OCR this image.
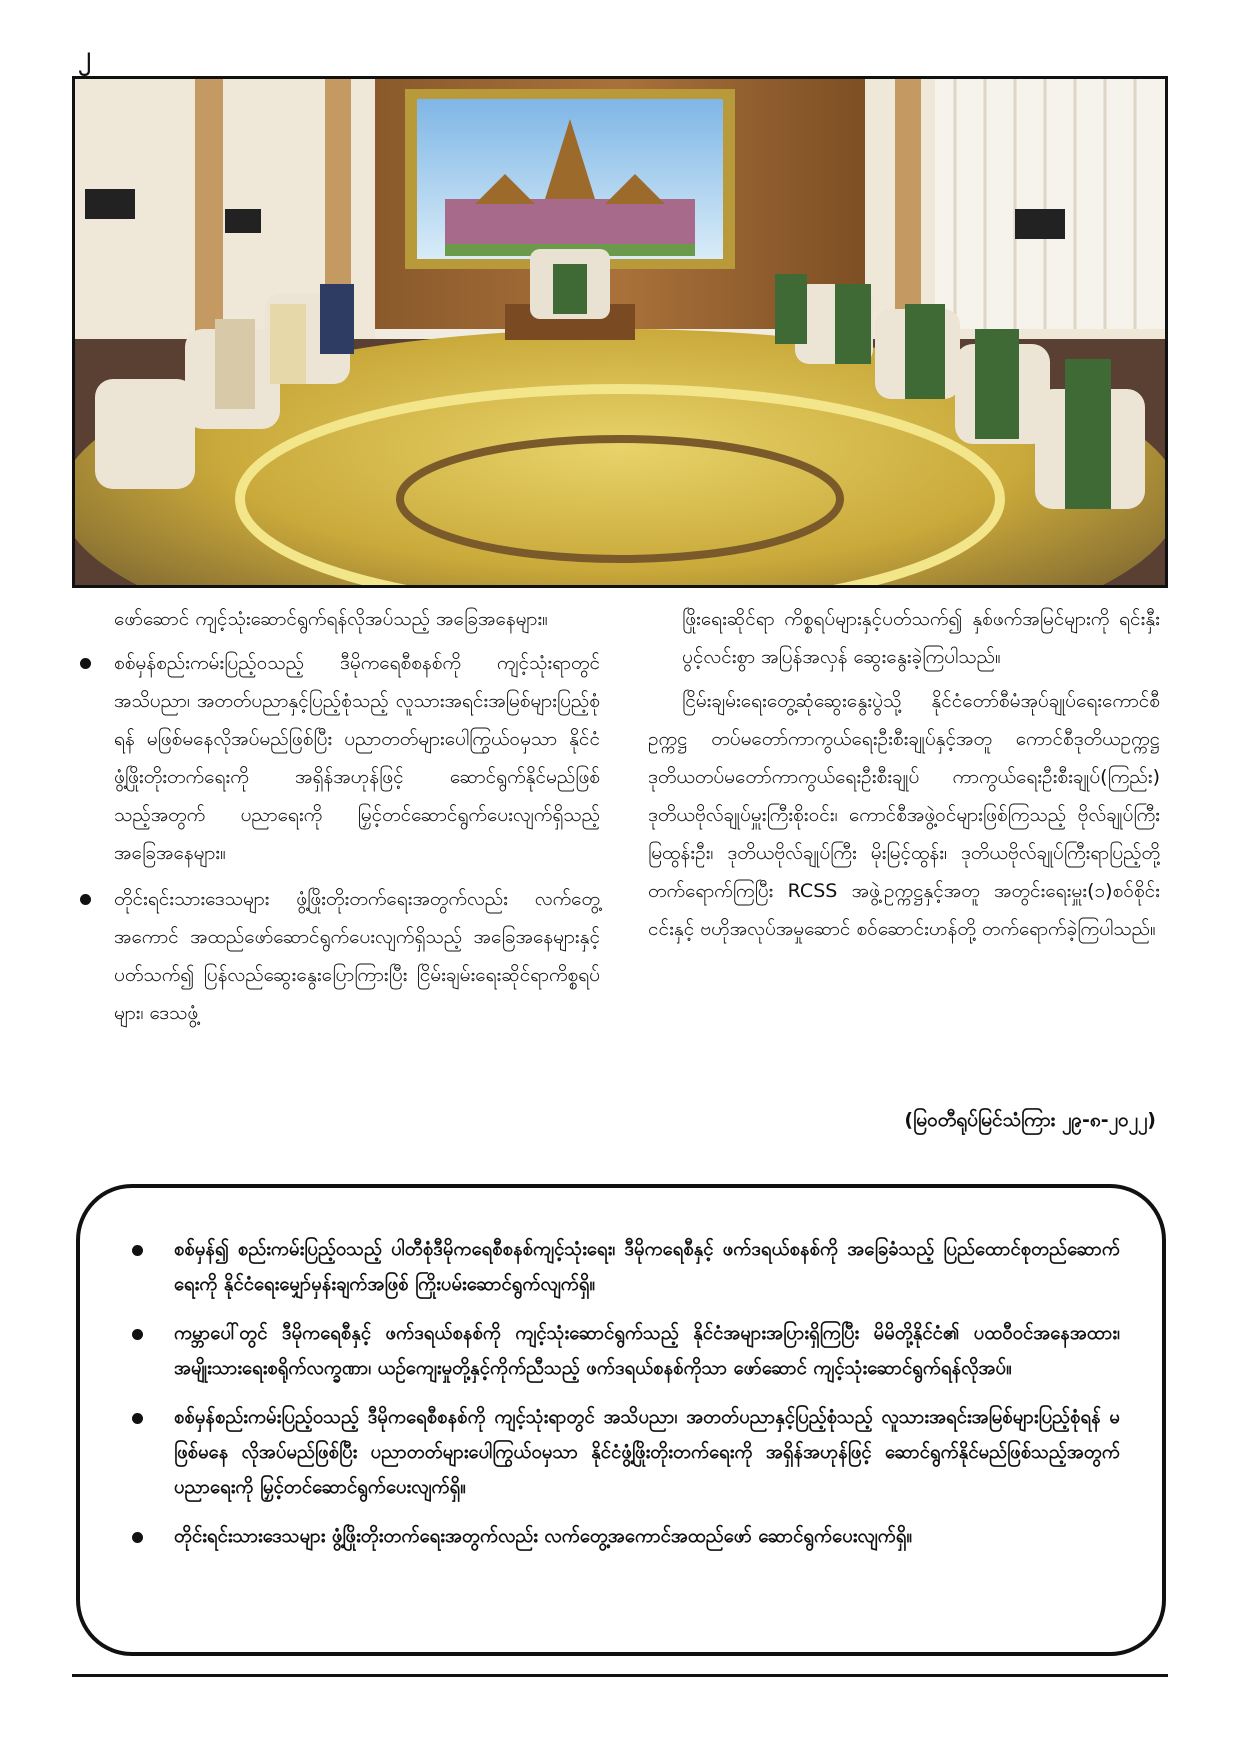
၂

ဖော်ဆောင် ကျင့်သုံးဆောင်ရွက်ရန်လိုအပ်သည့် အခြေအနေများ။

စစ်မှန်စည်းကမ်းပြည့်ဝသည့် ဒီမိုကရေစီစနစ်ကို ကျင့်သုံးရာတွင် အသိပညာ၊ အတတ်ပညာနှင့်ပြည့်စုံသည့် လူသားအရင်းအမြစ်များပြည့်စုံရန် မဖြစ်မနေလိုအပ်မည်ဖြစ်ပြီး ပညာတတ်များပေါကြွယ်ဝမှသာ နိုင်ငံဖွံ့ဖြိုးတိုးတက်ရေးကို အရှိန်အဟုန်ဖြင့် ဆောင်ရွက်နိုင်မည်ဖြစ်သည့်အတွက် ပညာရေးကို မြှင့်တင်ဆောင်ရွက်ပေးလျက်ရှိသည့်အခြေအနေများ။
တိုင်းရင်းသားဒေသများ ဖွံ့ဖြိုးတိုးတက်ရေးအတွက်လည်း လက်တွေ့အကောင် အထည်ဖော်ဆောင်ရွက်ပေးလျက်ရှိသည့် အခြေအနေများနှင့်ပတ်သက်၍ ပြန်လည်ဆွေးနွေးပြောကြားပြီး ငြိမ်းချမ်းရေးဆိုင်ရာကိစ္စရပ်များ၊ ဒေသဖွံ့

ဖြိုးရေးဆိုင်ရာ ကိစ္စရပ်များနှင့်ပတ်သက်၍ နှစ်ဖက်အမြင်များကို ရင်းနှီးပွင့်လင်းစွာ အပြန်အလှန် ဆွေးနွေးခဲ့ကြပါသည်။

ငြိမ်းချမ်းရေးတွေ့ဆုံဆွေးနွေးပွဲသို့ နိုင်ငံတော်စီမံအုပ်ချုပ်ရေးကောင်စီဥက္ကဋ္ဌ တပ်မတော်ကာကွယ်ရေးဦးစီးချုပ်နှင့်အတူ ကောင်စီဒုတိယဥက္ကဋ္ဌ ဒုတိယတပ်မတော်ကာကွယ်ရေးဦးစီးချုပ် ကာကွယ်ရေးဦးစီးချုပ်(ကြည်း) ဒုတိယဗိုလ်ချုပ်မှူးကြီးစိုးဝင်း၊ ကောင်စီအဖွဲ့ဝင်များဖြစ်ကြသည့် ဗိုလ်ချုပ်ကြီးမြထွန်းဦး၊ ဒုတိယဗိုလ်ချုပ်ကြီး မိုးမြင့်ထွန်း၊ ဒုတိယဗိုလ်ချုပ်ကြီးရာပြည့်တို့ တက်ရောက်ကြပြီး RCSS အဖွဲ့ဥက္ကဋ္ဌနှင့်အတူ အတွင်းရေးမှူး(၁)စဝ်စိုင်းငင်းနှင့် ဗဟိုအလုပ်အမှုဆောင် စဝ်ဆောင်းဟန်တို့ တက်ရောက်ခဲ့ကြပါသည်။

(မြဝတီရုပ်မြင်သံကြား ၂၉-၈-၂၀၂၂)
စစ်မှန်၍ စည်းကမ်းပြည့်ဝသည့် ပါတီစုံဒီမိုကရေစီစနစ်ကျင့်သုံးရေး၊ ဒီမိုကရေစီနှင့် ဖက်ဒရယ်စနစ်ကို အခြေခံသည့် ပြည်ထောင်စုတည်ဆောက်ရေးကို နိုင်ငံရေးမျှော်မှန်းချက်အဖြစ် ကြိုးပမ်းဆောင်ရွက်လျက်ရှိ။
ကမ္ဘာပေါ်တွင် ဒီမိုကရေစီနှင့် ဖက်ဒရယ်စနစ်ကို ကျင့်သုံးဆောင်ရွက်သည့် နိုင်ငံအများအပြားရှိကြပြီး မိမိတို့နိုင်ငံ၏ ပထဝီဝင်အနေအထား၊ အမျိုးသားရေးစရိုက်လက္ခဏာ၊ ယဉ်ကျေးမှုတို့နှင့်ကိုက်ညီသည့် ဖက်ဒရယ်စနစ်ကိုသာ ဖော်ဆောင် ကျင့်သုံးဆောင်ရွက်ရန်လိုအပ်။
စစ်မှန်စည်းကမ်းပြည့်ဝသည့် ဒီမိုကရေစီစနစ်ကို ကျင့်သုံးရာတွင် အသိပညာ၊ အတတ်ပညာနှင့်ပြည့်စုံသည့် လူသားအရင်းအမြစ်များပြည့်စုံရန် မဖြစ်မနေ လိုအပ်မည်ဖြစ်ပြီး ပညာတတ်များပေါကြွယ်ဝမှသာ နိုင်ငံဖွံ့ဖြိုးတိုးတက်ရေးကို အရှိန်အဟုန်ဖြင့် ဆောင်ရွက်နိုင်မည်ဖြစ်သည့်အတွက် ပညာရေးကို မြှင့်တင်ဆောင်ရွက်ပေးလျက်ရှိ။
တိုင်းရင်းသားဒေသများ ဖွံ့ဖြိုးတိုးတက်ရေးအတွက်လည်း လက်တွေ့အကောင်အထည်ဖော် ဆောင်ရွက်ပေးလျက်ရှိ။
